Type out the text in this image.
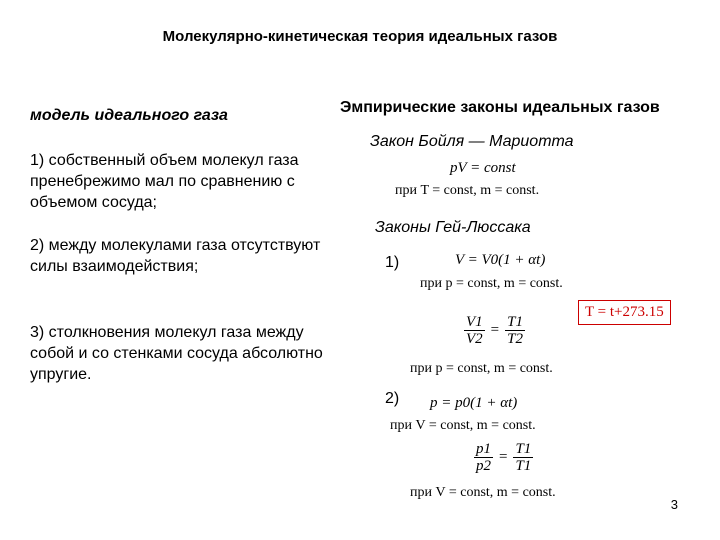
Молекулярно-кинетическая теория идеальных газов
модель идеального газа
1) собственный объем молекул газа пренебрежимо мал по сравнению с объемом сосуда;
2) между молекулами газа отсутствуют силы взаимодействия;
3) столкновения молекул газа между собой и со стенками сосуда абсолютно упругие.
Эмпирические законы идеальных газов
Закон Бойля — Мариотта
pV = const
при T = const, m = const.
Законы Гей-Люссака
1)	V = V0(1 + αt)
при p = const, m = const.
T = t+273.15
$\frac{V1}{V2} = \frac{T1}{T2}$
при p = const, m = const.
2) p = p0(1 + αt)
при V = const, m = const.
$\frac{p1}{p2} = \frac{T1}{T1}$
при V = const, m = const.
3
